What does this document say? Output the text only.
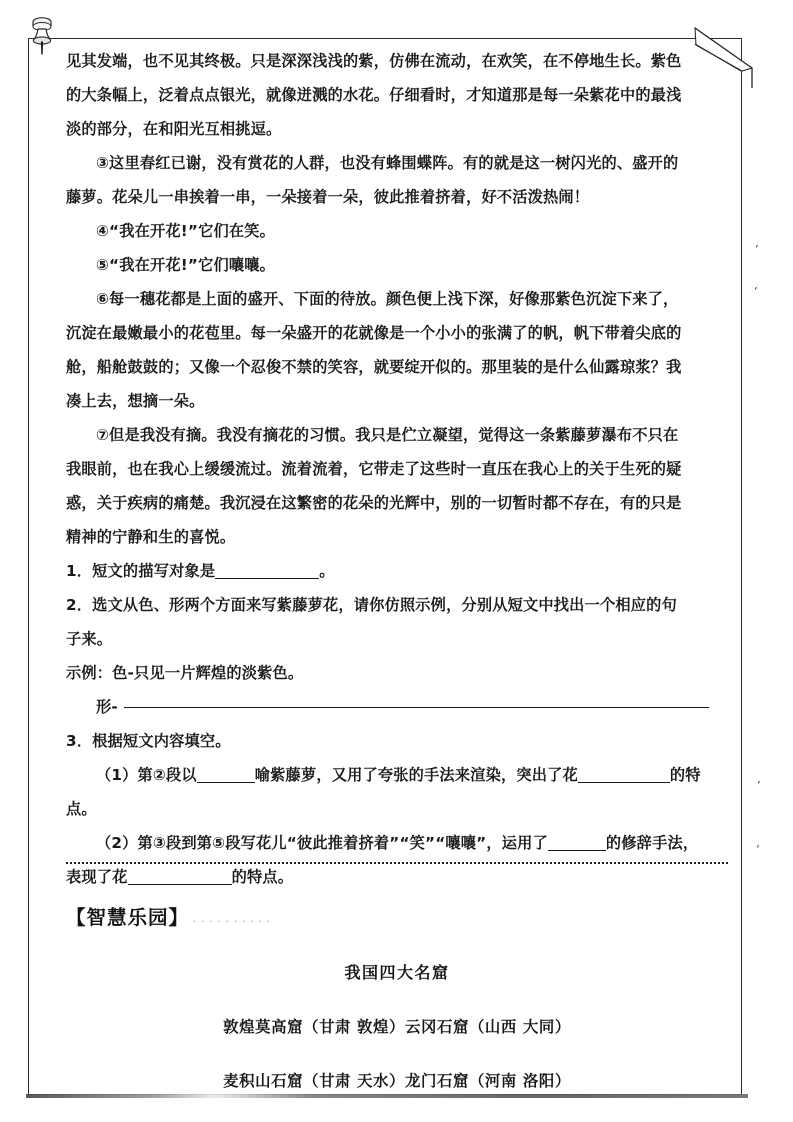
‘
‘
‘
‘
见其发端，也不见其终极。只是深深浅浅的紫，仿佛在流动，在欢笑，在不停地生长。紫色
的大条幅上，泛着点点银光，就像迸溅的水花。仔细看时，才知道那是每一朵紫花中的最浅
淡的部分，在和阳光互相挑逗。
③这里春红已谢，没有赏花的人群，也没有蜂围蝶阵。有的就是这一树闪光的、盛开的
藤萝。花朵儿一串挨着一串，一朵接着一朵，彼此推着挤着，好不活泼热闹！
④“我在开花!”它们在笑。
⑤“我在开花!”它们嚷嚷。
⑥每一穗花都是上面的盛开、下面的待放。颜色便上浅下深，好像那紫色沉淀下来了，
沉淀在最嫩最小的花苞里。每一朵盛开的花就像是一个小小的张满了的帆，帆下带着尖底的
舱，船舱鼓鼓的；又像一个忍俊不禁的笑容，就要绽开似的。那里装的是什么仙露琼浆？我
凑上去，想摘一朵。
⑦但是我没有摘。我没有摘花的习惯。我只是伫立凝望，觉得这一条紫藤萝瀑布不只在
我眼前，也在我心上缓缓流过。流着流着，它带走了这些时一直压在我心上的关于生死的疑
惑，关于疾病的痛楚。我沉浸在这繁密的花朵的光辉中，别的一切暂时都不存在，有的只是
精神的宁静和生的喜悦。
1．短文的描写对象是	。
2．选文从色、形两个方面来写紫藤萝花，请你仿照示例，分别从短文中找出一个相应的句
子来。
示例：色-只见一片辉煌的淡紫色。
形-
3．根据短文内容填空。
（1）第②段以	喻紫藤萝，又用了夸张的手法来渲染，突出了花	的特
点。
（2）第③段到第⑤段写花儿“彼此推着挤着”“笑”“嚷嚷”，运用了	的修辞手法，
表现了花	的特点。
【智慧乐园】 ..........
我国四大名窟
敦煌莫高窟（甘肃 敦煌）云冈石窟（山西 大同）
麦积山石窟（甘肃 天水）龙门石窟（河南 洛阳）
